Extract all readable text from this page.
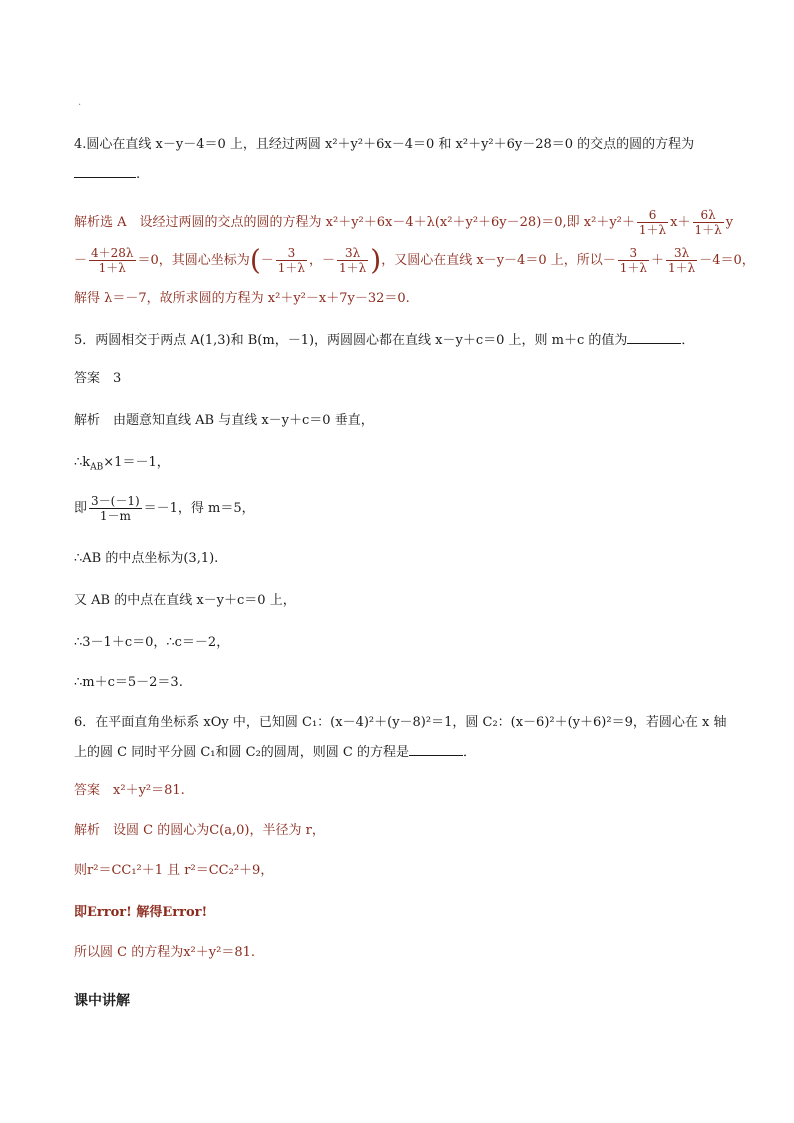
·
4.圆心在直线 x－y－4＝0 上，且经过两圆 x²＋y²＋6x－4＝0 和 x²＋y²＋6y－28＝0 的交点的圆的方程为
.
解析选 A　设经过两圆的交点的圆的方程为 x²＋y²＋6x－4＋λ(x²＋y²＋6y－28)＝0,即 $x^2+y^2+ \frac{6}{1+\lambda} x+ \frac{6\lambda}{1+\lambda}$ y
－ $\frac{4+28\lambda}{1+\lambda} =0$，其圆心坐标为(－ $\frac{3}{1+\lambda}$ ，－ $\frac{3\lambda}{1+\lambda}$ )，又圆心在直线 x－y－4＝0 上，所以－ $\frac{3}{1+\lambda} + \frac{3\lambda}{1+\lambda} -4=0$，
解得 λ＝－7，故所求圆的方程为 x²＋y²－x＋7y－32＝0.
5．两圆相交于两点 A(1,3)和 B(m，－1)，两圆圆心都在直线 x－y＋c＝0 上，则 m＋c 的值为	．
答案　 3
解析　由题意知直线 AB 与直线 x－y＋c＝0 垂直，
$\therefore k_{AB}\times 1=-1$，
即 $\frac{3-(-1)}{1-m} =-1$，得 m＝5，
∴AB 的中点坐标为(3,1).
又 AB 的中点在直线 x－y＋c＝0 上，
∴3－1＋c＝0，∴c＝－2，
∴m＋c＝5－2＝3.
6．在平面直角坐标系 xOy 中，已知圆 C₁：(x－4)²＋(y－8)²＝1，圆 C₂：(x－6)²＋(y＋6)²＝9，若圆心在 x 轴
上的圆 C 同时平分圆 C₁和圆 C₂的圆周，则圆 C 的方程是	．
答案　 x²＋y²＝81.
解析　设圆 C 的圆心为C(a,0)，半径为 r，
则r²＝CC₁²＋1 且 r²＝CC₂²＋9，
即Error! 解得Error!
所以圆 C 的方程为x²＋y²＝81.
课中讲解
